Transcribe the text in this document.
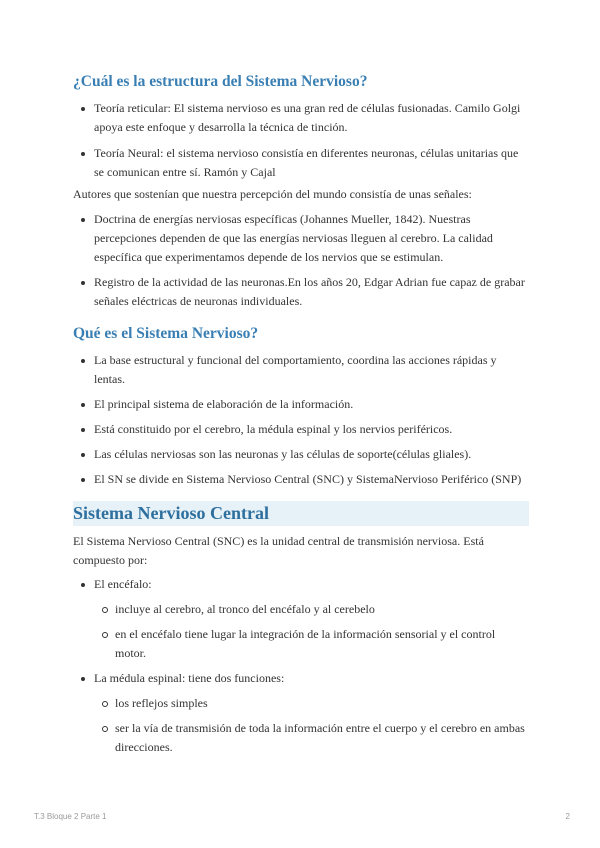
¿Cuál es la estructura del Sistema Nervioso?
Teoría reticular: El sistema nervioso es una gran red de células fusionadas. Camilo Golgi apoya este enfoque y desarrolla la técnica de tinción.
Teoría Neural: el sistema nervioso consistía en diferentes neuronas, células unitarias que se comunican entre sí. Ramón y Cajal

Autores que sostenían que nuestra percepción del mundo consistía de unas señales:

Doctrina de energías nerviosas específicas (Johannes Mueller, 1842). Nuestras percepciones dependen de que las energías nerviosas lleguen al cerebro. La calidad específica que experimentamos depende de los nervios que se estimulan.
Registro de la actividad de las neuronas.En los años 20, Edgar Adrian fue capaz de grabar señales eléctricas de neuronas individuales.
Qué es el Sistema Nervioso?
La base estructural y funcional del comportamiento, coordina las acciones rápidas y lentas.
El principal sistema de elaboración de la información.
Está constituido por el cerebro, la médula espinal y los nervios periféricos.
Las células nerviosas son las neuronas y las células de soporte(células gliales).
El SN se divide en Sistema Nervioso Central (SNC) y SistemaNervioso Periférico (SNP)
Sistema Nervioso Central

El Sistema Nervioso Central (SNC) es la unidad central de transmisión nerviosa. Está compuesto por:

El encéfalo:
incluye al cerebro, al tronco del encéfalo y al cerebelo
en el encéfalo tiene lugar la integración de la información sensorial y el control motor.
La médula espinal: tiene dos funciones:
los reflejos simples
ser la vía de transmisión de toda la información entre el cuerpo y el cerebro en ambas direcciones.
T.3 Bloque 2 Parte 1	2
